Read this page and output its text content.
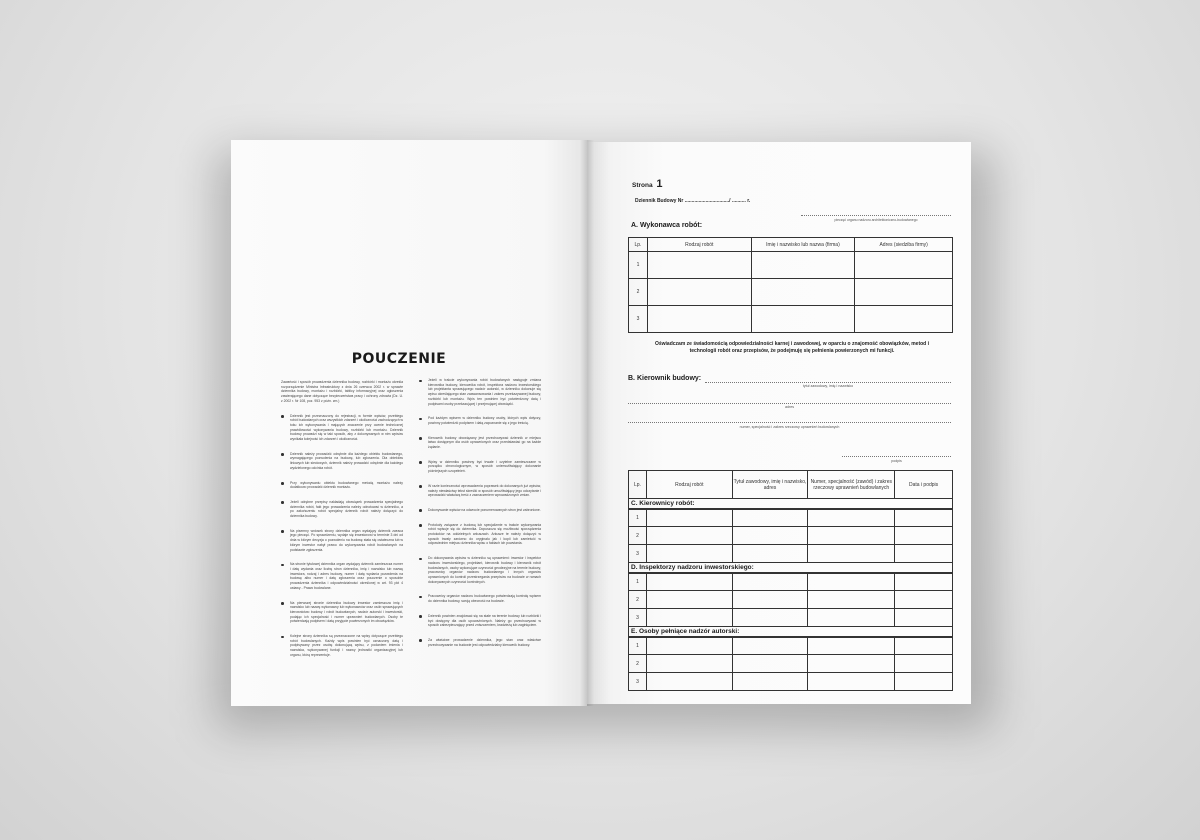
POUCZENIE
Zawartość i sposób prowadzenia dziennika budowy, rozbiórki i montażu określa rozporządzenie Ministra Infrastruktury z dnia 26 czerwca 2002 r. w sprawie dziennika budowy, montażu i rozbiórki, tablicy informacyjnej oraz ogłoszenia zawierającego dane dotyczące bezpieczeństwa pracy i ochrony zdrowia (Dz. U. z 2002 r. Nr 108, poz. 953 z późn. zm.)
Dziennik jest przeznaczony do rejestracji, w formie wpisów, przebiegu robót budowlanych oraz wszystkich zdarzeń i okoliczności zachodzących w toku ich wykonywania i mających znaczenie przy ocenie technicznej prawidłowości wykonywania budowy, rozbiórki lub montażu. Dziennik budowy prowadzi się w taki sposób, aby z dokonywanych w nim wpisów wynikała kolejność ich zdarzeń i okoliczności.
Dziennik należy prowadzić odrębnie dla każdego obiektu budowlanego, wymagającego pozwolenia na budowę, lub zgłoszenia. Dla obiektów liniowych lub sieciowych, dziennik należy prowadzić odrębnie dla każdego wydzielonego odcinka robót.
Przy wykonywaniu obiektu budowlanego metodą montażu należy dodatkowo prowadzić dziennik montażu.
Jeżeli odrębne przepisy nakładają obowiązek prowadzenia specjalnego dziennika robót, fakt jego prowadzenia należy odnotować w dzienniku, a po zakończeniu robót specjalny dziennik robót należy dołączyć do dziennika budowy.
Na pisemny wniosek strony dziennika organ wydający dziennik zwraca jego pieczęć. Po sprawdzeniu, wydaje się inwestorowi w terminie 3 dni od dnia w którym decyzja o pozwoleniu na budowę stała się ostateczna lub w którym inwestor nabył prawo do wykonywania robót budowlanych na podstawie zgłoszenia.
Na stronie tytułowej dziennika organ wydający dziennik zamieszcza numer i datę wydania oraz liczbę stron dziennika, imię i nazwisko lub nazwę inwestora, rodzaj i adres budowy, numer i datę wydania pozwolenia na budowę albo numer i datę zgłoszenia oraz pouczenie o sposobie prowadzenia dziennika i odpowiedzialności określonej w art. 93 pkt 4 ustawy - Prawo budowlane.
Na pierwszej stronie dziennika budowy inwestor zamieszcza imię i nazwisko lub nazwę wykonawcy lub wykonawców oraz osób sprawujących kierownictwo budowy i robót budowlanych, nadzór autorski i inwestorski, podając ich specjalność i numer uprawnień budowlanych. Osoby te potwierdzają podpisem i datą przyjęcie powierzonych im obowiązków.
Kolejne strony dziennika są przeznaczone na wpisy dotyczące przebiegu robót budowlanych. Każdy wpis powinien być oznaczony datą i podpisywany przez osobę dokonującą wpisu, z podaniem imienia i nazwiska, wykonywanej funkcji i nazwy jednostki organizacyjnej lub organu, którą reprezentuje.
Jeżeli w trakcie wykonywania robót budowlanych następuje zmiana kierownika budowy, kierownika robót, inspektora nadzoru inwestorskiego lub projektanta sprawującego nadzór autorski, w dzienniku dokonuje się wpisu określającego stan zaawansowania i zakres przekazywanej budowy, rozbiórki lub montażu. Wpis ten powinien być potwierdzony datą i podpisami osoby przekazującej i przejmującej obowiązki.
Pod każdym wpisem w dzienniku budowy osoby, których wpis dotyczy, powinny potwierdzić podpisem i datą zapoznanie się z jego treścią.
Kierownik budowy obowiązany jest przechowywać dziennik w miejscu łatwo dostępnym dla osób uprawnionych oraz przedstawiać go na każde żądanie.
Wpisy w dzienniku powinny być trwałe i czytelne zamieszczane w porządku chronologicznym, w sposób uniemożliwiający dokonanie późniejszych uzupełnień.
W razie konieczności wprowadzenia poprawek do dokonanych już wpisów, należy niewłaściwy tekst skreślić w sposób umożliwiający jego odczytanie i wprowadzić właściwą treść z zaznaczeniem wprowadzonych zmian.
Dokonywanie wpisów na odwrocie ponumerowanych stron jest zabronione.
Protokoły związane z budową lub specjalizmie w trakcie wykonywania robót wpisuje się do dziennika. Dopuszcza się możliwość sporządzenia protokołów na oddzielnych arkuszach. Arkusze te należy dołączyć w sposób trwały zarówno do oryginału jak i kopii lub zamieścić w odpowiednim miejscu dziennika wpisu o faktach ich powstania.
Do dokonywania wpisów w dzienniku są uprawnieni: inwestor i inspektor nadzoru inwestorskiego, projektant, kierownik budowy i kierownik robót budowlanych, osoby wykonujące czynności geodezyjne na terenie budowy, pracownicy organów nadzoru budowlanego i innych organów uprawnionych do kontroli przestrzegania przepisów na budowie w ramach dokonywanych czynności kontrolnych.
Pracownicy organów nadzoru budowlanego potwierdzają kontrolę wpisem do dziennika budowy, swoją obecność na budowie.
Dziennik powinien znajdować się na stałe na terenie budowy lub rozbiórki i być dostępny dla osób upoważnionych. Należy go przechowywać w sposób zabezpieczający przed zniszczeniem, kradzieżą lub zaginięciem.
Za właściwe prowadzenie dziennika, jego stan oraz właściwe przechowywanie na budowie jest odpowiedzialny kierownik budowy.
Strona 1
Dziennik Budowy Nr ................................/ .......... r.
pieczęć organu nadzoru architektoniczno-budowlanego
A. Wykonawca robót:
Lp.	Rodzaj robót	Imię i nazwisko lub nazwa (firma)	Adres (siedziba firmy)
1			
2			
3			
Oświadczam ze świadomością odpowiedzialności karnej i zawodowej, w oparciu o znajomość obowiązków, metod i technologii robót oraz przepisów, że podejmuję się pełnienia powierzonych mi funkcji.
B. Kierownik budowy:
tytuł zawodowy, imię i nazwisko
adres
numer, specjalność i zakres rzeczowy uprawnień budowlanych
podpis
Lp.	Rodzaj robót	Tytuł zawodowy, imię i nazwisko, adres	Numer, specjalność (zawód) i zakres rzeczowy uprawnień budowlanych	Data i podpis
C. Kierownicy robót:				
1				
2				
3				
D. Inspektorzy nadzoru inwestorskiego:				
1				
2				
3				
E. Osoby pełniące nadzór autorski:				
1				
2				
3				
